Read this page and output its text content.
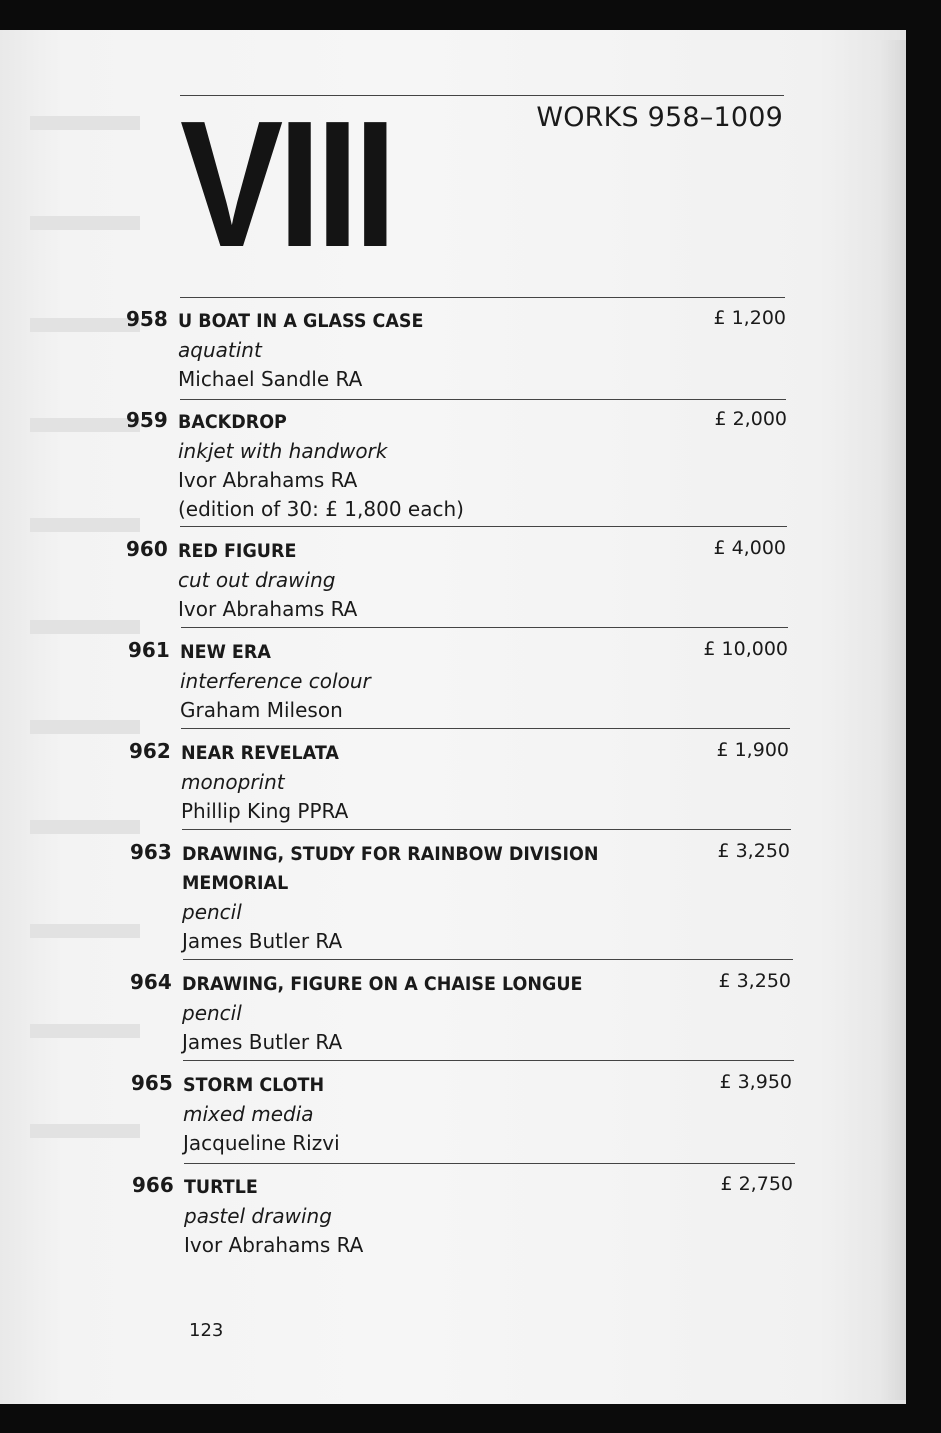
VIII	WORKS 958–1009
958 U BOAT IN A GLASS CASE
aquatint
Michael Sandle RA
£ 1,200
959 BACKDROP
inkjet with handwork
Ivor Abrahams RA
(edition of 30: £ 1,800 each)
£ 2,000
960 RED FIGURE
cut out drawing
Ivor Abrahams RA
£ 4,000
961 NEW ERA
interference colour
Graham Mileson
£ 10,000
962 NEAR REVELATA
monoprint
Phillip King PPRA
£ 1,900
963 DRAWING, STUDY FOR RAINBOW DIVISION
MEMORIAL
pencil
James Butler RA
£ 3,250
964 DRAWING, FIGURE ON A CHAISE LONGUE
pencil
James Butler RA
£ 3,250
965 STORM CLOTH
mixed media
Jacqueline Rizvi
£ 3,950
966 TURTLE
pastel drawing
Ivor Abrahams RA
£ 2,750
123
